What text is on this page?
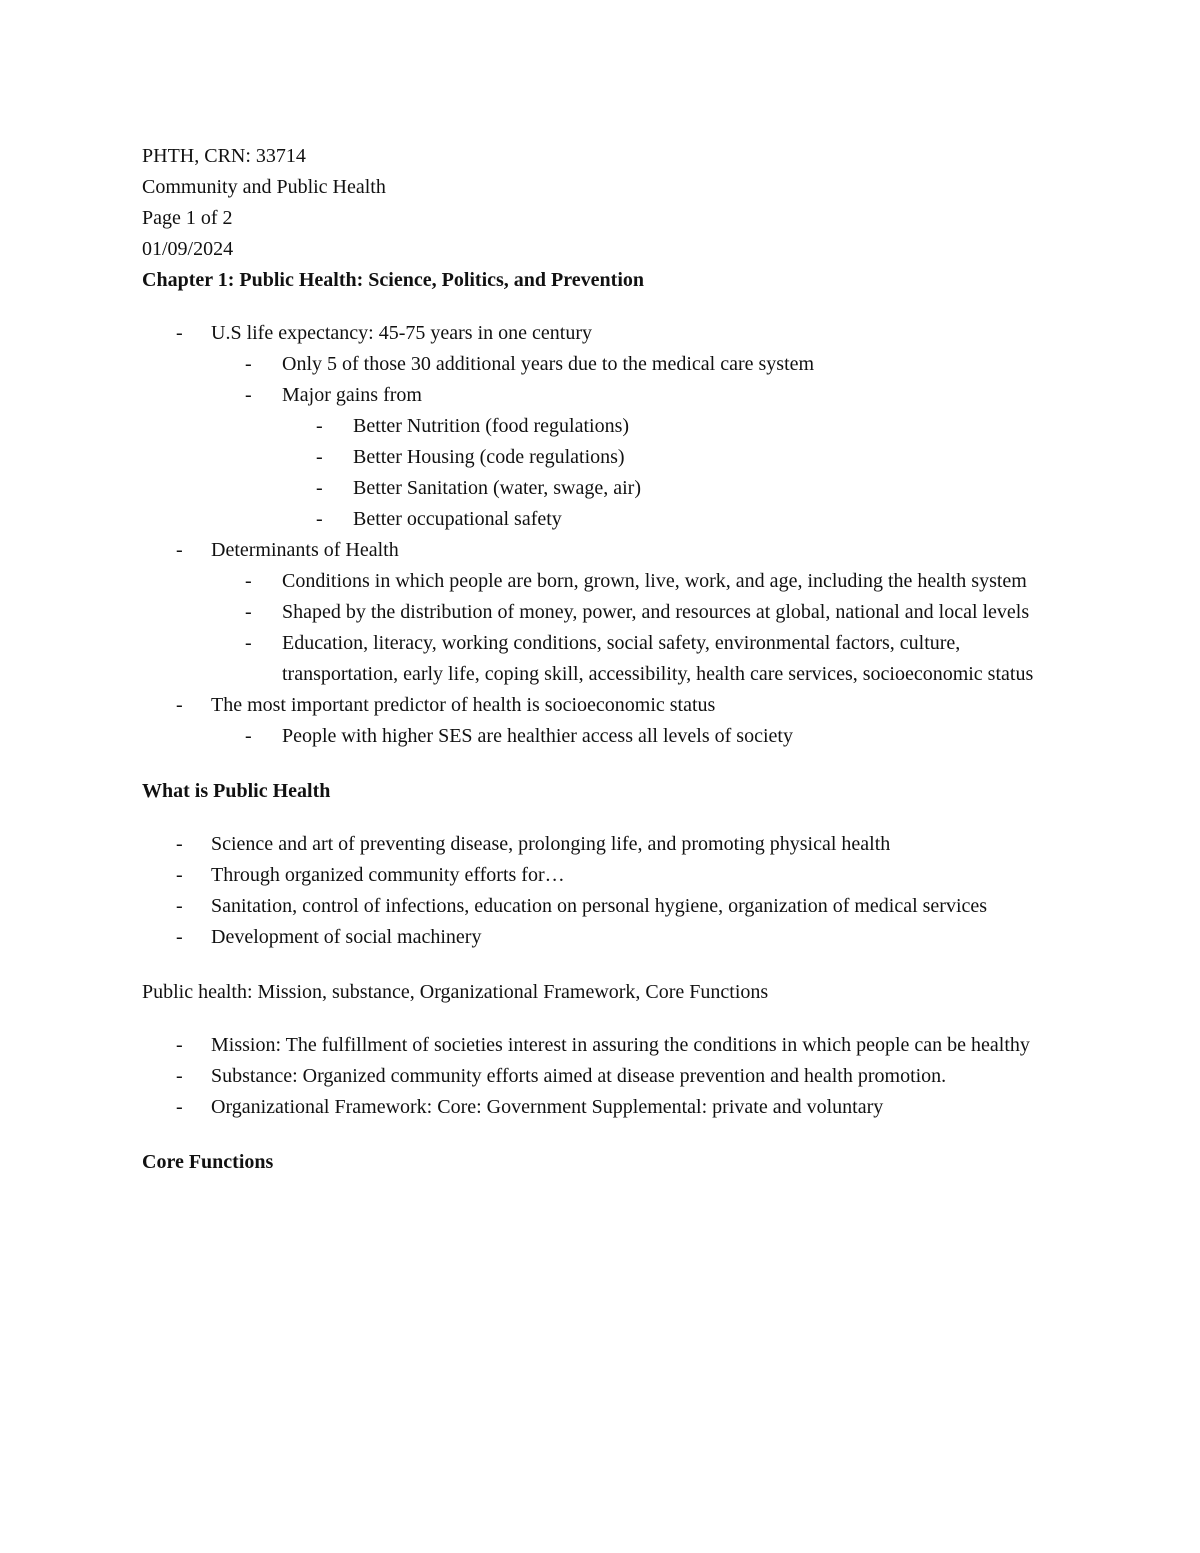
PHTH, CRN: 33714

Community and Public Health

Page 1 of 2

01/09/2024

Chapter 1: Public Health: Science, Politics, and Prevention

- U.S life expectancy: 45-75 years in one century
- Only 5 of those 30 additional years due to the medical care system
- Major gains from
- Better Nutrition (food regulations)
- Better Housing (code regulations)
- Better Sanitation (water, swage, air)
- Better occupational safety
- Determinants of Health
- Conditions in which people are born, grown, live, work, and age, including the health system
- Shaped by the distribution of money, power, and resources at global, national and local levels
- Education, literacy, working conditions, social safety, environmental factors, culture, transportation, early life, coping skill, accessibility, health care services, socioeconomic status
- The most important predictor of health is socioeconomic status
- People with higher SES are healthier access all levels of society

What is Public Health

- Science and art of preventing disease, prolonging life, and promoting physical health
- Through organized community efforts for…
- Sanitation, control of infections, education on personal hygiene, organization of medical services
- Development of social machinery

Public health: Mission, substance, Organizational Framework, Core Functions

- Mission: The fulfillment of societies interest in assuring the conditions in which people can be healthy
- Substance: Organized community efforts aimed at disease prevention and health promotion.
- Organizational Framework: Core: Government Supplemental: private and voluntary

Core Functions
